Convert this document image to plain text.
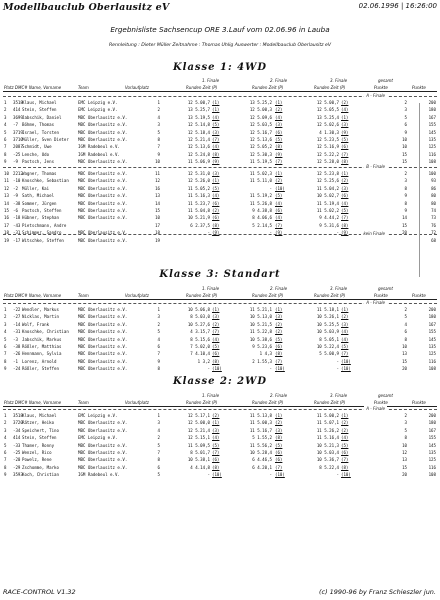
Modellbauclub Oberlausitz eV	02.06.1996 | 16:26:00
Ergebnisliste Sachsencup ORE 3.Lauf vom 02.06.96 in Lauba
Rennleitung : Dieter Müller Zeitnahme : Thomas Uhlig Auswerter : Modellbauclub Oberlausitz eV
Klasse 1: 4WD
Platz DMC# Name, Vorname	Team	Vorlaufplatz
1. Finale
Runden Zeit (P)
2. Finale
Runden Zeit (P)
3. Finale
Runden Zeit (P)
gesamt
Punkte	Punkte
A - Finale
1 3518 Klaus, Michael	EMC Leipzig e.V.	1	12 5.00,7 (1)	13 5.25,2 (1)	12 5.00,7 (2)	2	200
2 414 Stein, Steffen	EMC Leipzig e.V.	2	13 5.25,7 (1)	12 5.00,3 (2)	12 5.05,5 (4)	3	180
3 3699 Jabschik, Daniel	MBC Oberlausitz e.V.	4	13 5.19,5 (4)	12 5.09,6 (4)	13 5.25,4 (1)	5	167
4 -7 Böhme, Thomas	MBC Oberlausitz e.V.	3	12 5.14,8 (5)	12 5.03,5 (3)	12 5.02,6 (3)	6	155
5 3719 Israel, Torsten	MBC Oberlausitz e.V.	5	12 5.18,4 (3)	12 5.16,7 (6)	4 1.30,3 (9)	9	145
6 3710 Müller, Sven Dieter MBC Oberlausitz e.V.	8	12 5.21,4 (7)	12 5.13,6 (5)	12 5.23,5 (5)	10	135
7 2087 Schmidt, Uwe	IGM Radebeul e.V.	7	12 5.13,6 (4)	12 5.05,2 (8)	12 5.16,9 (6)	10	125
8 -25 Lenche, Udo	IGM Radebeul e.V.	9	12 5.24,8 (8)	12 5.30,3 (9)	12 5.22,2 (7)	15	116
9 -9 Pastsch, Jens	MBC Oberlausitz e.V.	10	11 5.06,9 (9)	11 5.19,5 (7)	12 5.28,0 (8)	15	108
B - Finale
10 2212 Wagner, Thomas	MBC Oberlausitz e.V.	11	12 5.31,0 (3)	11 5.02,3 (1)	12 5.23,8 (1)	2	100
11 -10 Knoschke, Sebastian MBC Oberlausitz e.V.	12	12 5.26,0 (1)	11 5.11,0 (2)	12 5.25,6 (2)	3	93
12 -2 Müller, Kai	MBC Oberlausitz e.V.	16	11 5.05,2 (5)	- (10)	11 5.04,2 (3)	8	86
13 -9 Sath, Michael	MBC Oberlausitz e.V.	13	11 5.16,3 (4)	11 5.19,2 (5)	10 5.02,7 (6)	9	80
14 -38 Sommer, Jürgen	MBC Oberlausitz e.V.	14	11 5.23,7 (6)	11 5.26,8 (4)	11 5.19,4 (4)	8	80
15 -6 Pastsch, Steffen	MBC Oberlausitz e.V.	15	11 5.04,8 (2)	9 4.38,8 (6)	11 5.02,2 (5)	9	74
16 -18 Hübner, Stephan	MBC Oberlausitz e.V.	10	10 5.21,9 (6)	8 4.06,6 (4)	9 4.44,2 (7)	14	73
17 -43 Pietschmann, Andre	17	6 2.37,5 (8)	5 2.14,5 (7)	9 5.31,6 (8)	15	76
18 -31 Schimmer, Sandro	MBC Oberlausitz e.V.	18	- (9)	- (9)	- (9)	20	72
kein Finale
19 -17 Witschke, Steffen	MBC Oberlausitz e.V.	19	68
Klasse 3: Standart
Platz DMC# Name, Vorname	Team	Vorlaufplatz
1. Finale
Runden Zeit (P)
2. Finale
Runden Zeit (P)
3. Finale
Runden Zeit (P)
gesamt
Punkte	Punkte
A - Finale
1 -22 Wendler, Markus	MBC Oberlausitz e.V.	1	10 5.06,8 (1)	11 5.21,1 (1)	11 5.18,1 (1)	2	200
2 -27 Nicklas, Martin	MBC Oberlausitz e.V.	3	8 5.03,0 (3)	10 5.13,0 (3)	10 5.26,1 (2)	5	180
3 -14 Wolf, Frank	MBC Oberlausitz e.V.	2	10 5.27,6 (2)	10 5.21,5 (2)	10 5.25,5 (3)	4	167
4 -31 Knoschke, Christian MBC Oberlausitz e.V.	5	4 3.15,7 (7)	11 5.22,8 (2)	10 5.03,9 (4)	6	155
5 -3 Jabschik, Markus	MBC Oberlausitz e.V.	4	8 5.15,6 (4)	10 5.38,6 (5)	8 5.05,1 (4)	8	145
6 -38 Rößler, Matthias	MBC Oberlausitz e.V.	6	7 5.02,0 (5)	9 5.23,6 (6)	10 5.22,4 (5)	10	135
7 -26 Hennmann, Sylvia	MBC Oberlausitz e.V.	7	7 4.10,4 (6)	1 4,3 (8)	5 5.00,9 (7)	13	125
8 -1 Lorenz, Arnold	MBC Oberlausitz e.V.	9	1 3,2 (8)	2 1.55,3 (7)	- (10)	15	116
9 -24 Rößler, Steffen	MBC Oberlausitz e.V.	8	- (10)	- (10)	- (10)	20	108
Klasse 2: 2WD
Platz DMC# Name, Vorname	Team	Vorlaufplatz
1. Finale
Runden Zeit (P)
2. Finale
Runden Zeit (P)
3. Finale
Runden Zeit (P)
gesamt
Punkte	Punkte
A - Finale
1 3518 Klaus, Michael	EMC Leipzig e.V.	1	12 5.17,1 (2)	11 5.13,8 (1)	11 5.00,2 (1)	2	200
2 3720 Rätzer, Heiko	MBC Oberlausitz e.V.	3	12 5.00,0 (1)	11 5.00,3 (2)	11 5.07,1 (2)	3	180
3 -34 Speichert, Tino	MBC Oberlausitz e.V.	4	12 5.21,4 (3)	11 5.16,7 (3)	11 5.26,2 (2)	5	167
4 414 Stein, Steffen	EMC Leipzig e.V.	2	12 5.15,1 (4)	5 1.55,2 (8)	11 5.16,4 (4)	8	155
5 -33 Thamer, Ronny	MBC Oberlausitz e.V.	5	11 5.09,5 (5)	11 5.56,2 (5)	10 5.21,3 (5)	10	145
6 -25 Wenzel, Rico	MBC Oberlausitz e.V.	7	8 5.01,7 (7)	10 5.28,4 (6)	10 5.03,4 (6)	12	135
7 -20 Powelz, Rene	MBC Oberlausitz e.V.	8	10 5.38,1 (6)	6 4.46,5 (6)	10 5.36,7 (7)	13	125
8 -29 Zschomme, Marko	MBC Oberlausitz e.V.	6	4 4.14,8 (8)	6 4.20,1 (7)	8 5.22,4 (8)	15	116
9 3593 Koch, Christian	IGM Radebeul e.V.	5	- (10)	- (10)	- (10)	20	108
RACE-CONTROL V1.32	(c) 1990-96 by Franz Schieszler jun.
